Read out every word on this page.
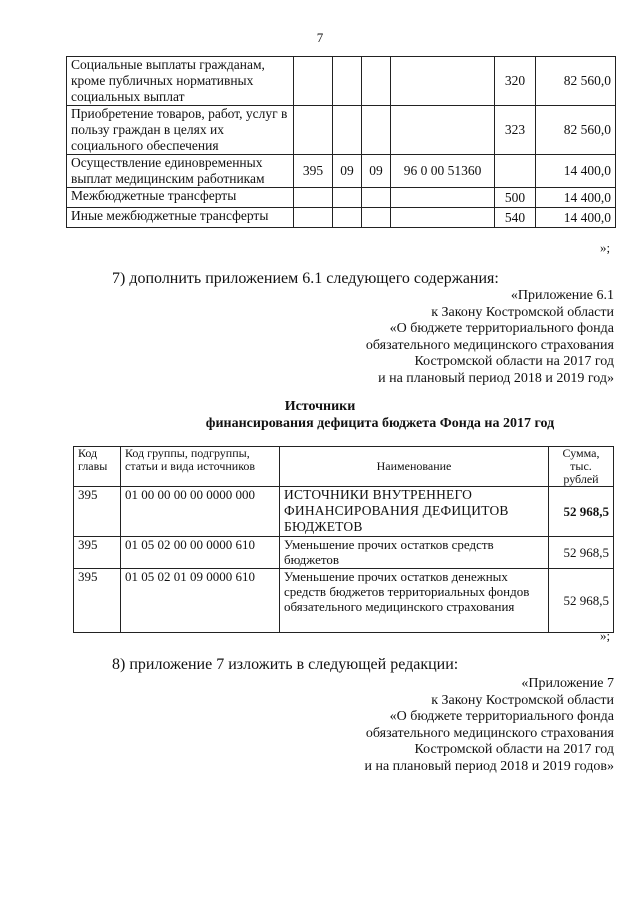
7
Социальные выплаты гражданам, кроме публичных нормативных социальных выплат					320	82 560,0
Приобретение товаров, работ, услуг в пользу граждан в целях их социального обеспечения					323	82 560,0
Осуществление единовременных выплат медицинским работникам	395	09	09	96 0 00 51360		14 400,0
Межбюджетные трансферты					500	14 400,0
Иные межбюджетные трансферты					540	14 400,0
»;
7) дополнить приложением 6.1 следующего содержания:
«Приложение 6.1
к Закону Костромской области
«О бюджете территориального фонда
обязательного медицинского страхования
Костромской области на 2017 год
и на плановый период 2018 и 2019 год»
Источники
финансирования дефицита бюджета Фонда на 2017 год
Код главы	Код группы, подгруппы, статьи и вида источников	Наименование	Сумма, тыс. рублей
395	01 00 00 00 00 0000 000	ИСТОЧНИКИ ВНУТРЕННЕГО ФИНАНСИРОВАНИЯ ДЕФИЦИТОВ БЮДЖЕТОВ	52 968,5
395	01 05 02 00 00 0000 610	Уменьшение прочих остатков средств бюджетов	52 968,5
395	01 05 02 01 09 0000 610	Уменьшение прочих остатков денежных средств бюджетов территориальных фондов обязательного медицинского страхования	52 968,5
»;
8) приложение 7 изложить в следующей редакции:
«Приложение 7
к Закону Костромской области
«О бюджете территориального фонда
обязательного медицинского страхования
Костромской области на 2017 год
и на плановый период 2018 и 2019 годов»
